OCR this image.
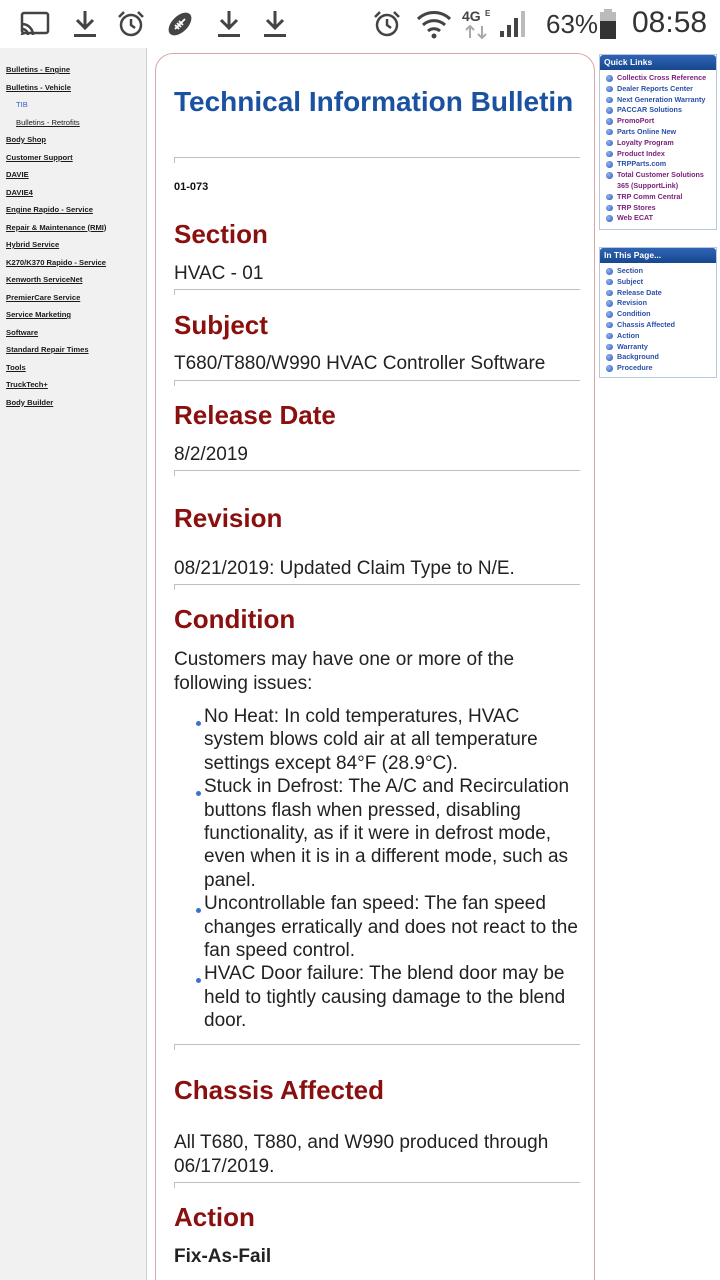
4G E 63% 08:58
Bulletins - Engine
Bulletins - Vehicle
TIB
Bulletins - Retrofits
Body Shop
Customer Support
DAVIE
DAVIE4
Engine Rapido - Service
Repair & Maintenance (RMI)
Hybrid Service
K270/K370 Rapido - Service
Kenworth ServiceNet
PremierCare Service
Service Marketing
Software
Standard Repair Times
Tools
TruckTech+
Body Builder
Technical Information Bulletin
01-073
Section
HVAC - 01
Subject
T680/T880/W990 HVAC Controller Software
Release Date
8/2/2019
Revision
08/21/2019: Updated Claim Type to N/E.
Condition
Customers may have one or more of the following issues:
No Heat: In cold temperatures, HVAC system blows cold air at all temperature settings except 84°F (28.9°C).
Stuck in Defrost: The A/C and Recirculation buttons flash when pressed, disabling functionality, as if it were in defrost mode, even when it is in a different mode, such as panel.
Uncontrollable fan speed: The fan speed changes erratically and does not react to the fan speed control.
HVAC Door failure: The blend door may be held to tightly causing damage to the blend door.
Chassis Affected
All T680, T880, and W990 produced through 06/17/2019.
Action
Fix-As-Fail
Quick Links
Collectix Cross Reference
Dealer Reports Center
Next Generation Warranty
PACCAR Solutions
PromoPort
Parts Online New
Loyalty Program
Product Index
TRPParts.com
Total Customer Solutions 365 (SupportLink)
TRP Comm Central
TRP Stores
Web ECAT
In This Page...
Section
Subject
Release Date
Revision
Condition
Chassis Affected
Action
Warranty
Background
Procedure
